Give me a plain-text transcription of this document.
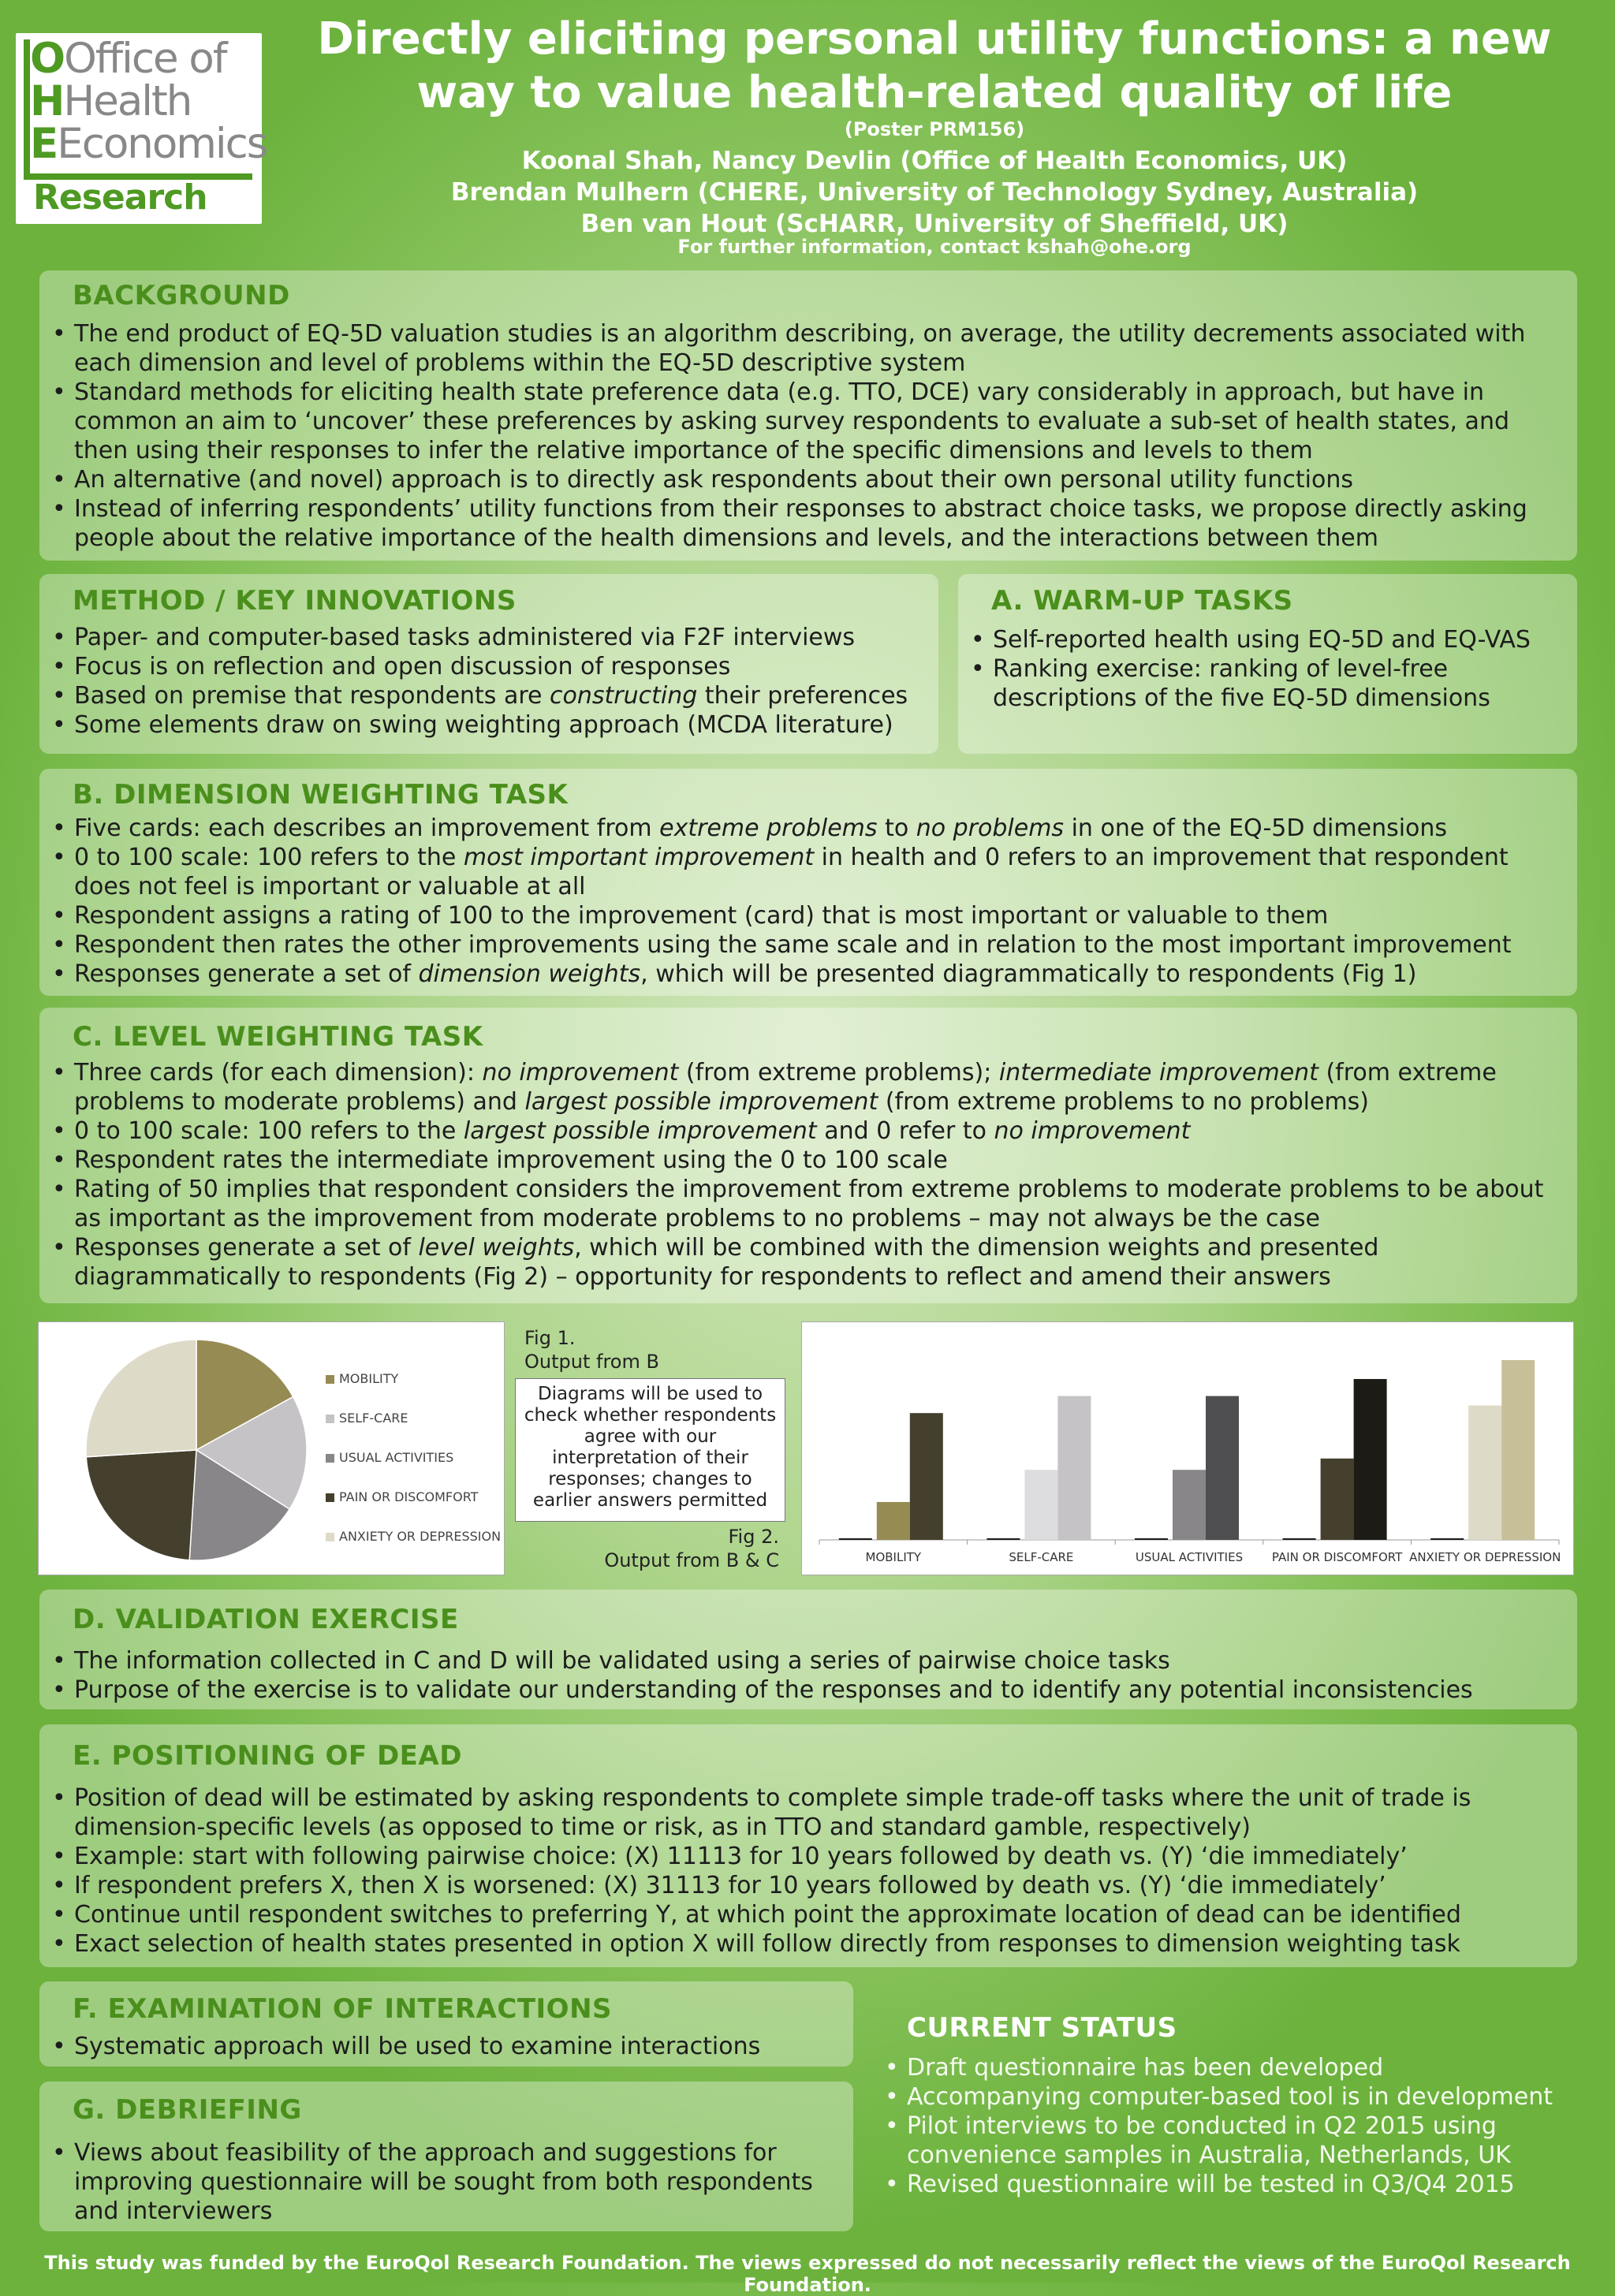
OOffice of
HHealth
EEconomics
Research
Directly eliciting personal utility functions: a new
way to value health-related quality of life
(Poster PRM156)
Koonal Shah, Nancy Devlin (Office of Health Economics, UK)
Brendan Mulhern (CHERE, University of Technology Sydney, Australia)
Ben van Hout (ScHARR, University of Sheffield, UK)
For further information, contact kshah@ohe.org
BACKGROUND
• The end product of EQ-5D valuation studies is an algorithm describing, on average, the utility decrements associated with each dimension and level of problems within the EQ-5D descriptive system
• Standard methods for eliciting health state preference data (e.g. TTO, DCE) vary considerably in approach, but have in common an aim to ‘uncover’ these preferences by asking survey respondents to evaluate a sub-set of health states, and then using their responses to infer the relative importance of the specific dimensions and levels to them
• An alternative (and novel) approach is to directly ask respondents about their own personal utility functions
• Instead of inferring respondents’ utility functions from their responses to abstract choice tasks, we propose directly asking people about the relative importance of the health dimensions and levels, and the interactions between them
METHOD / KEY INNOVATIONS
• Paper- and computer-based tasks administered via F2F interviews
• Focus is on reflection and open discussion of responses
• Based on premise that respondents are constructing their preferences
• Some elements draw on swing weighting approach (MCDA literature)
A. WARM-UP TASKS
• Self-reported health using EQ-5D and EQ-VAS
• Ranking exercise: ranking of level-free descriptions of the five EQ-5D dimensions
B. DIMENSION WEIGHTING TASK
• Five cards: each describes an improvement from extreme problems to no problems in one of the EQ-5D dimensions
• 0 to 100 scale: 100 refers to the most important improvement in health and 0 refers to an improvement that respondent does not feel is important or valuable at all
• Respondent assigns a rating of 100 to the improvement (card) that is most important or valuable to them
• Respondent then rates the other improvements using the same scale and in relation to the most important improvement
• Responses generate a set of dimension weights, which will be presented diagrammatically to respondents (Fig 1)
C. LEVEL WEIGHTING TASK
• Three cards (for each dimension): no improvement (from extreme problems); intermediate improvement (from extreme problems to moderate problems) and largest possible improvement (from extreme problems to no problems)
• 0 to 100 scale: 100 refers to the largest possible improvement and 0 refer to no improvement
• Respondent rates the intermediate improvement using the 0 to 100 scale
• Rating of 50 implies that respondent considers the improvement from extreme problems to moderate problems to be about as important as the improvement from moderate problems to no problems – may not always be the case
• Responses generate a set of level weights, which will be combined with the dimension weights and presented diagrammatically to respondents (Fig 2) – opportunity for respondents to reflect and amend their answers
MOBILITY
SELF-CARE
USUAL ACTIVITIES
PAIN OR DISCOMFORT
ANXIETY OR DEPRESSION
Fig 1.
Output from B
Diagrams will be used to check whether respondents agree with our interpretation of their responses; changes to earlier answers permitted
Fig 2.
Output from B & C	MOBILITY	SELF-CARE	USUAL ACTIVITIES PAIN OR DISCOMFORT ANXIETY OR DEPRESSION
D. VALIDATION EXERCISE
• The information collected in C and D will be validated using a series of pairwise choice tasks
• Purpose of the exercise is to validate our understanding of the responses and to identify any potential inconsistencies
E. POSITIONING OF DEAD
• Position of dead will be estimated by asking respondents to complete simple trade-off tasks where the unit of trade is dimension-specific levels (as opposed to time or risk, as in TTO and standard gamble, respectively)
• Example: start with following pairwise choice: (X) 11113 for 10 years followed by death vs. (Y) ‘die immediately’
• If respondent prefers X, then X is worsened: (X) 31113 for 10 years followed by death vs. (Y) ‘die immediately’
• Continue until respondent switches to preferring Y, at which point the approximate location of dead can be identified
• Exact selection of health states presented in option X will follow directly from responses to dimension weighting task
F. EXAMINATION OF INTERACTIONS
• Systematic approach will be used to examine interactions
G. DEBRIEFING
• Views about feasibility of the approach and suggestions for improving questionnaire will be sought from both respondents and interviewers
CURRENT STATUS
• Draft questionnaire has been developed
• Accompanying computer-based tool is in development
• Pilot interviews to be conducted in Q2 2015 using convenience samples in Australia, Netherlands, UK
• Revised questionnaire will be tested in Q3/Q4 2015
This study was funded by the EuroQol Research Foundation. The views expressed do not necessarily reflect the views of the EuroQol Research Foundation.
